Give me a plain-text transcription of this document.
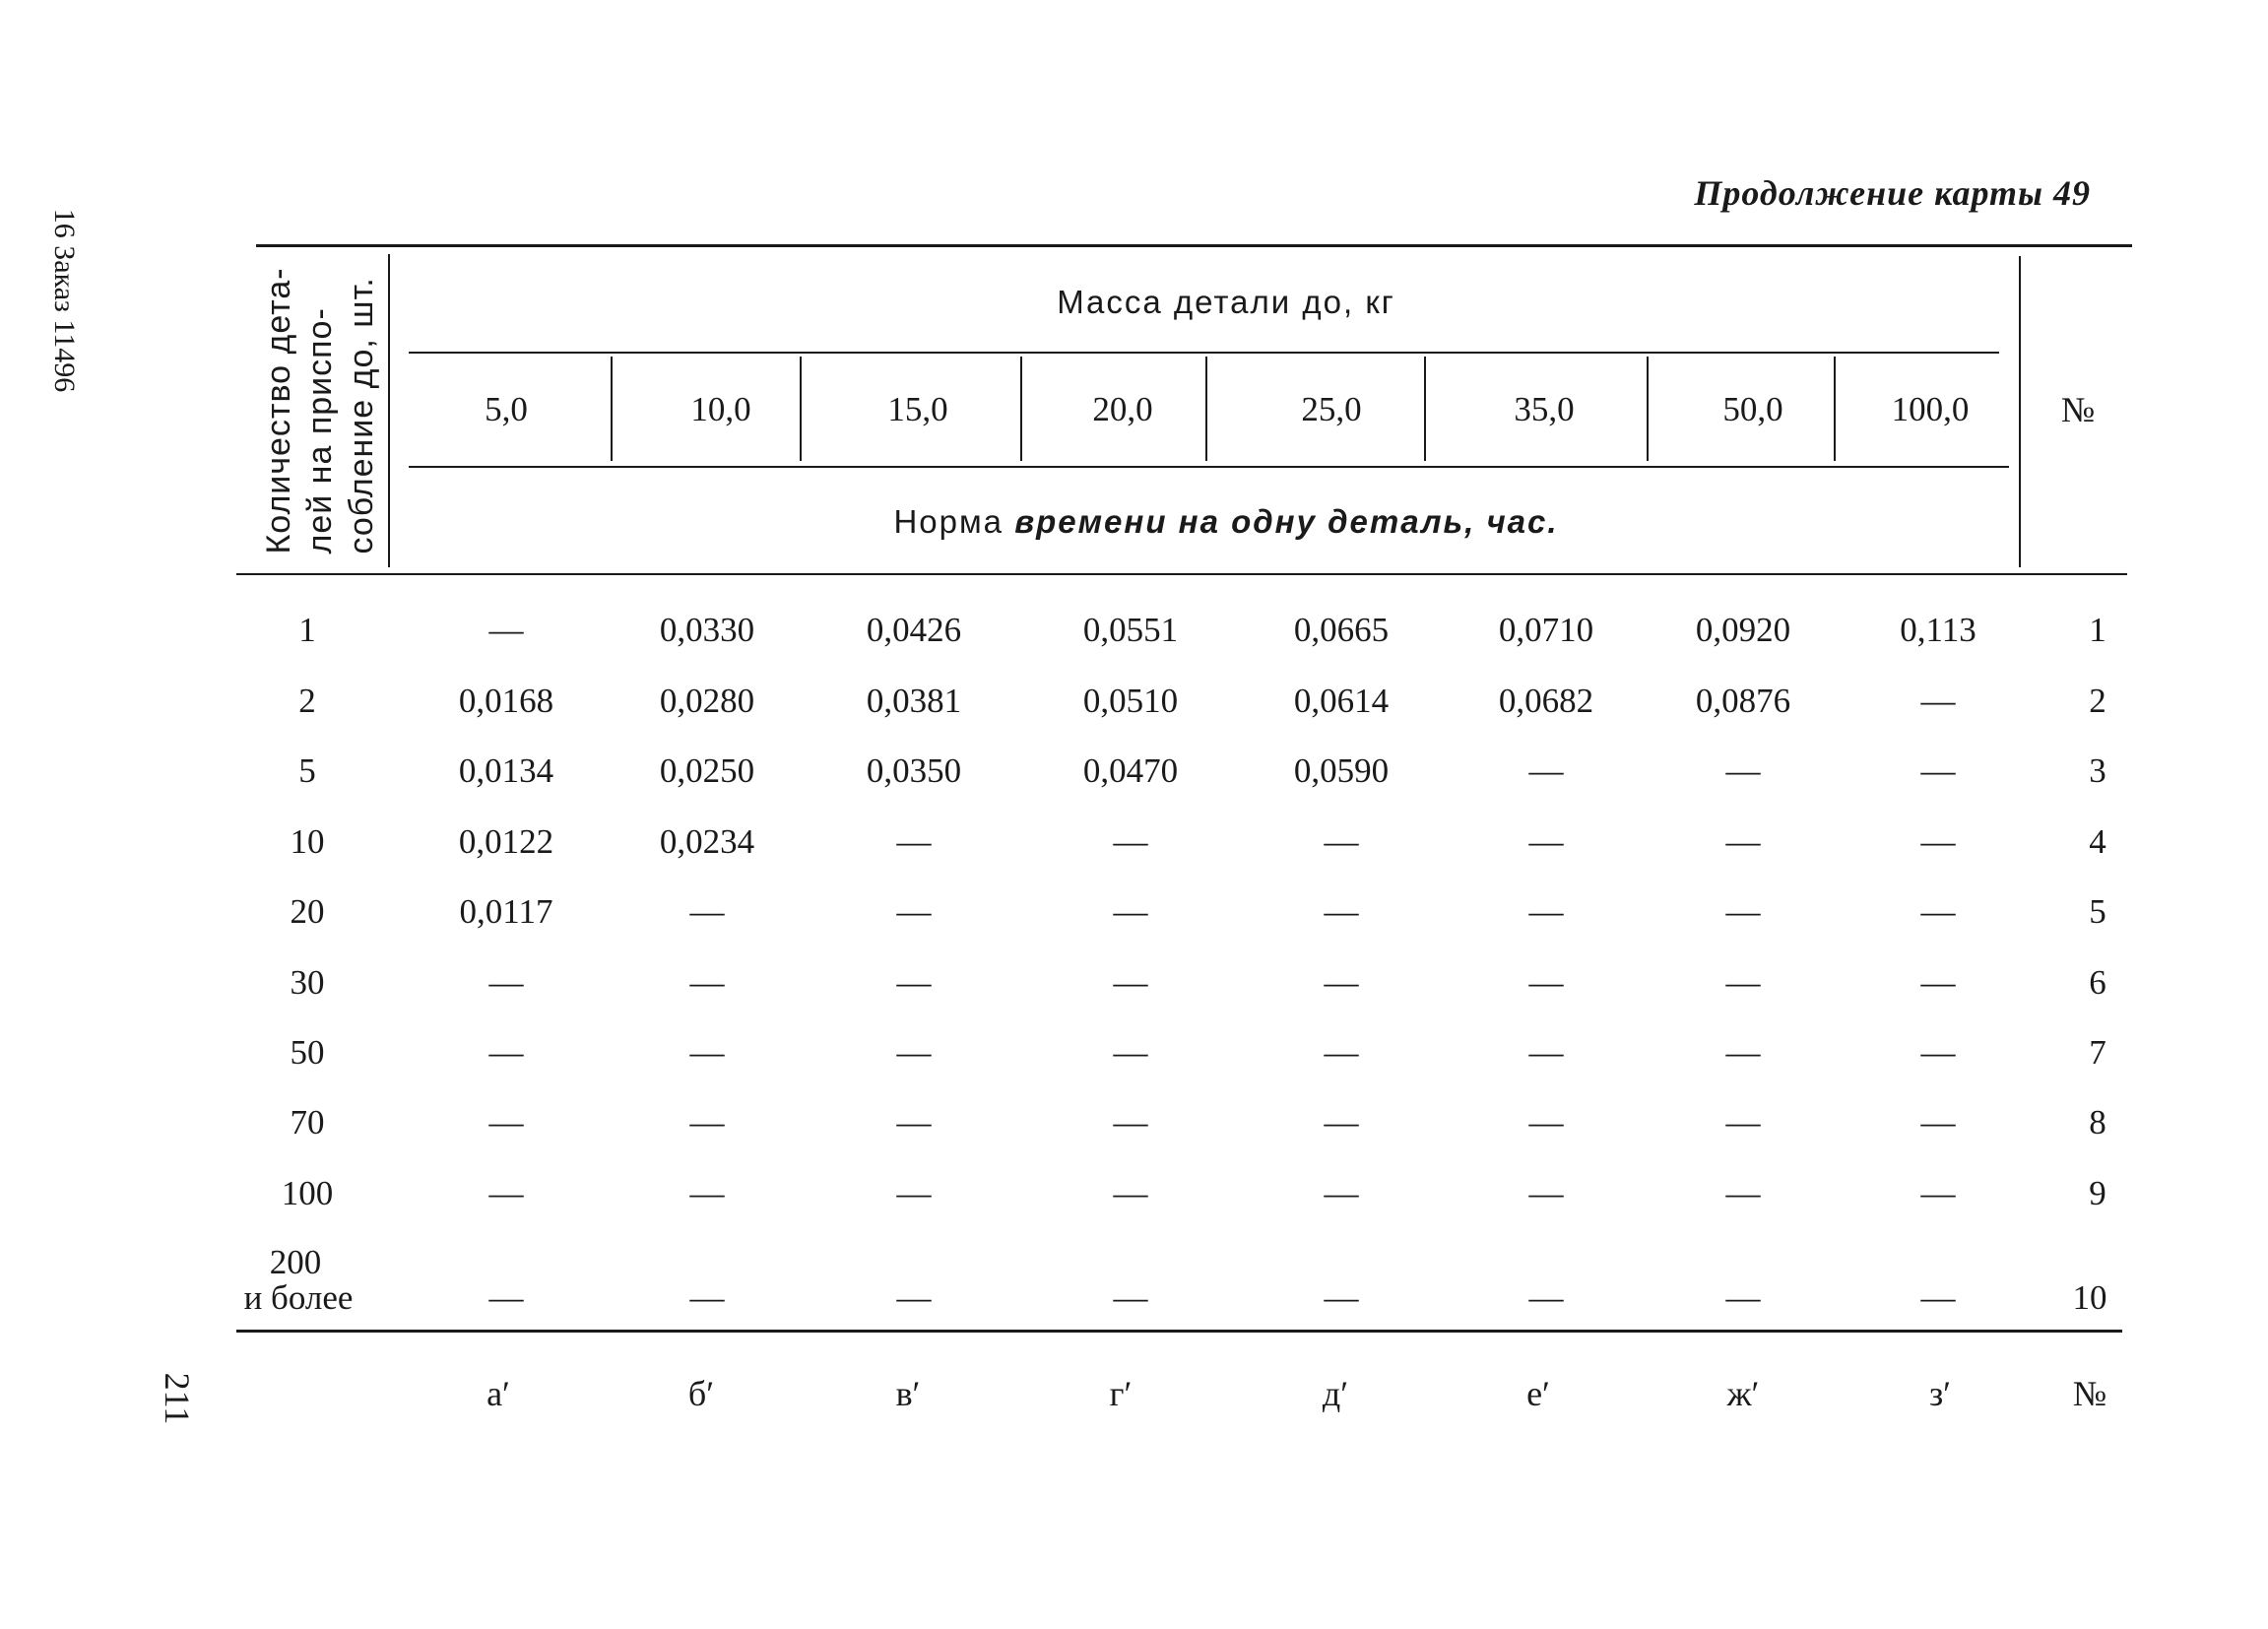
Продолжение карты 49
16 Заказ 11496
211
Количество дета- лей на приспо- собление до, шт.	Масса детали до, кг
5,0	10,0	15,0	20,0	25,0	35,0	50,0	100,0	№
Норма времени на одну деталь, час.
1	—	0,0330	0,0426	0,0551	0,0665	0,0710	0,0920	0,113	1
2	0,0168	0,0280	0,0381	0,0510	0,0614	0,0682	0,0876	—	2
5	0,0134	0,0250	0,0350	0,0470	0,0590	—	—	—	3
10	0,0122	0,0234	—	—	—	—	—	—	4
20	0,0117	—	—	—	—	—	—	—	5
30	—	—	—	—	—	—	—	—	6
50	—	—	—	—	—	—	—	—	7
70	—	—	—	—	—	—	—	—	8
100	—	—	—	—	—	—	—	—	9
200
и более	—	—	—	—	—	—	—	—	10
а′	б′	в′	г′	д′	е′	ж′	з′	№
